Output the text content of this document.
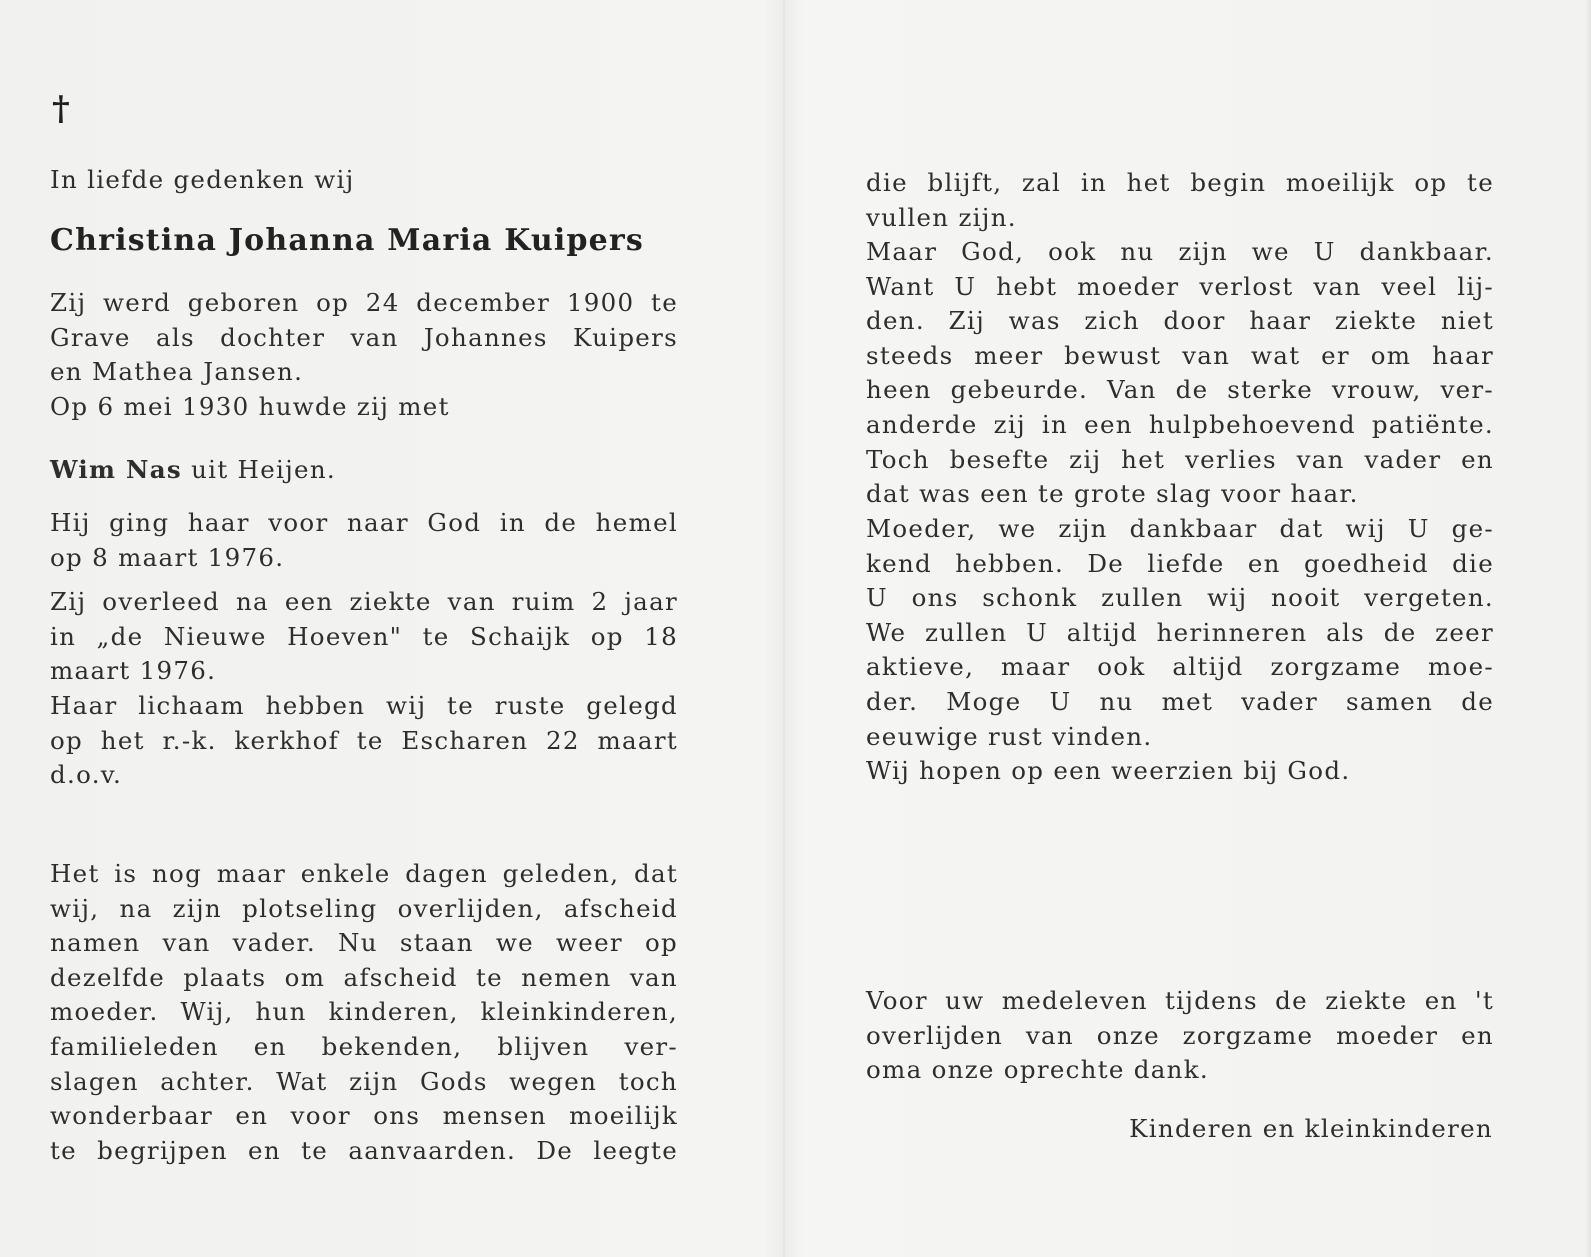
†

In liefde gedenken wij

Christina Johanna Maria Kuipers

Zij werd geboren op 24 december 1900 te
Grave als dochter van Johannes Kuipers
en Mathea Jansen.
Op 6 mei 1930 huwde zij met

Wim Nas uit Heijen.

Hij ging haar voor naar God in de hemel
op 8 maart 1976.
Zij overleed na een ziekte van ruim 2 jaar
in „de Nieuwe Hoeven" te Schaijk op 18
maart 1976.
Haar lichaam hebben wij te ruste gelegd
op het r.-k. kerkhof te Escharen 22 maart
d.o.v.
Het is nog maar enkele dagen geleden, dat
wij, na zijn plotseling overlijden, afscheid
namen van vader. Nu staan we weer op
dezelfde plaats om afscheid te nemen van
moeder. Wij, hun kinderen, kleinkinderen,
familieleden en bekenden, blijven ver-
slagen achter. Wat zijn Gods wegen toch
wonderbaar en voor ons mensen moeilijk
te begrijpen en te aanvaarden. De leegte
die blijft, zal in het begin moeilijk op te
vullen zijn.
Maar God, ook nu zijn we U dankbaar.
Want U hebt moeder verlost van veel lij-
den. Zij was zich door haar ziekte niet
steeds meer bewust van wat er om haar
heen gebeurde. Van de sterke vrouw, ver-
anderde zij in een hulpbehoevend patiënte.
Toch besefte zij het verlies van vader en
dat was een te grote slag voor haar.
Moeder, we zijn dankbaar dat wij U ge-
kend hebben. De liefde en goedheid die
U ons schonk zullen wij nooit vergeten.
We zullen U altijd herinneren als de zeer
aktieve, maar ook altijd zorgzame moe-
der. Moge U nu met vader samen de
eeuwige rust vinden.
Wij hopen op een weerzien bij God.
Voor uw medeleven tijdens de ziekte en 't
overlijden van onze zorgzame moeder en
oma onze oprechte dank.

Kinderen en kleinkinderen
